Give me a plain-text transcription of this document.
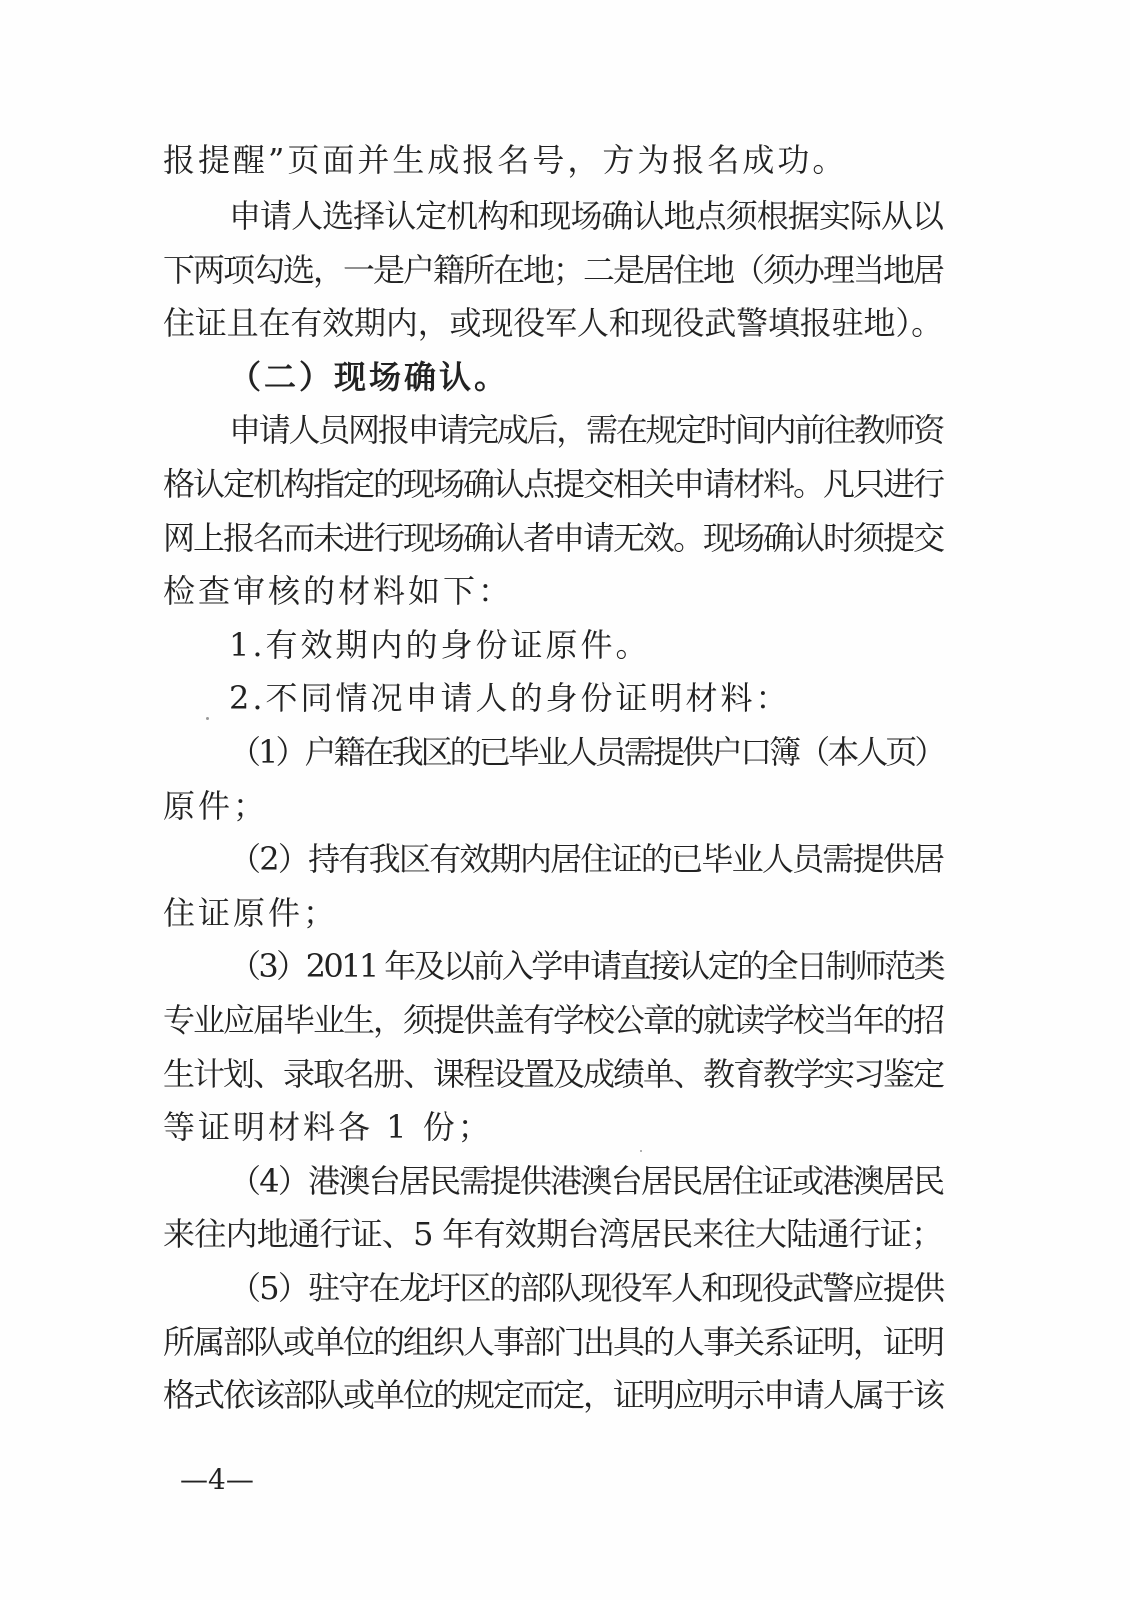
报提醒”页面并生成报名号，方为报名成功。
申请人选择认定机构和现场确认地点须根据实际从以
下两项勾选，一是户籍所在地；二是居住地（须办理当地居
住证且在有效期内，或现役军人和现役武警填报驻地）。
（二）现场确认。
申请人员网报申请完成后，需在规定时间内前往教师资
格认定机构指定的现场确认点提交相关申请材料。凡只进行
网上报名而未进行现场确认者申请无效。现场确认时须提交
检查审核的材料如下：
1.有效期内的身份证原件。
2.不同情况申请人的身份证明材料：
（1）户籍在我区的已毕业人员需提供户口簿（本人页）
原件；
（2）持有我区有效期内居住证的已毕业人员需提供居
住证原件；
（3）2011 年及以前入学申请直接认定的全日制师范类
专业应届毕业生，须提供盖有学校公章的就读学校当年的招
生计划、录取名册、课程设置及成绩单、教育教学实习鉴定
等证明材料各 1 份；
（4）港澳台居民需提供港澳台居民居住证或港澳居民
来往内地通行证、5 年有效期台湾居民来往大陆通行证；
（5）驻守在龙圩区的部队现役军人和现役武警应提供
所属部队或单位的组织人事部门出具的人事关系证明，证明
格式依该部队或单位的规定而定，证明应明示申请人属于该
—4—
